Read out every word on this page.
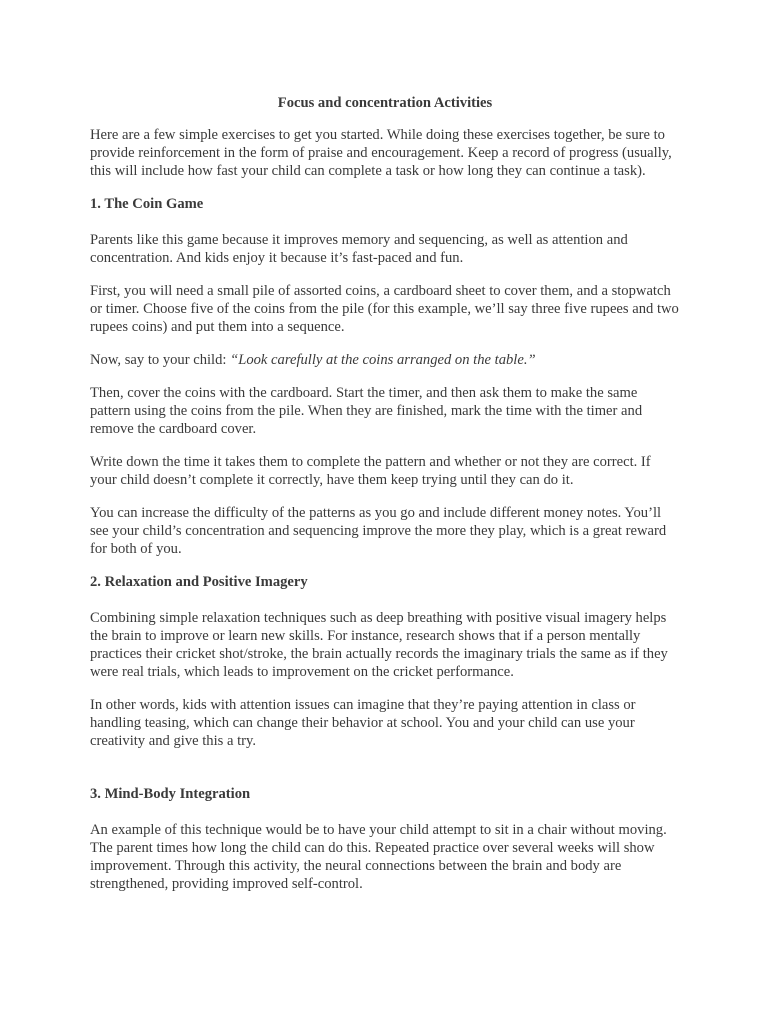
Focus and concentration Activities

Here are a few simple exercises to get you started. While doing these exercises together, be sure to provide reinforcement in the form of praise and encouragement. Keep a record of progress (usually, this will include how fast your child can complete a task or how long they can continue a task).

1. The Coin Game

Parents like this game because it improves memory and sequencing, as well as attention and concentration. And kids enjoy it because it’s fast-paced and fun.

First, you will need a small pile of assorted coins, a cardboard sheet to cover them, and a stopwatch or timer. Choose five of the coins from the pile (for this example, we’ll say three five rupees and two rupees coins) and put them into a sequence.

Now, say to your child: “Look carefully at the coins arranged on the table.”

Then, cover the coins with the cardboard. Start the timer, and then ask them to make the same pattern using the coins from the pile. When they are finished, mark the time with the timer and remove the cardboard cover.

Write down the time it takes them to complete the pattern and whether or not they are correct. If your child doesn’t complete it correctly, have them keep trying until they can do it.

You can increase the difficulty of the patterns as you go and include different money notes. You’ll see your child’s concentration and sequencing improve the more they play, which is a great reward for both of you.

2. Relaxation and Positive Imagery

Combining simple relaxation techniques such as deep breathing with positive visual imagery helps the brain to improve or learn new skills. For instance, research shows that if a person mentally practices their cricket shot/stroke, the brain actually records the imaginary trials the same as if they were real trials, which leads to improvement on the cricket performance.

In other words, kids with attention issues can imagine that they’re paying attention in class or handling teasing, which can change their behavior at school. You and your child can use your creativity and give this a try.

3. Mind-Body Integration

An example of this technique would be to have your child attempt to sit in a chair without moving. The parent times how long the child can do this. Repeated practice over several weeks will show improvement. Through this activity, the neural connections between the brain and body are strengthened, providing improved self-control.
